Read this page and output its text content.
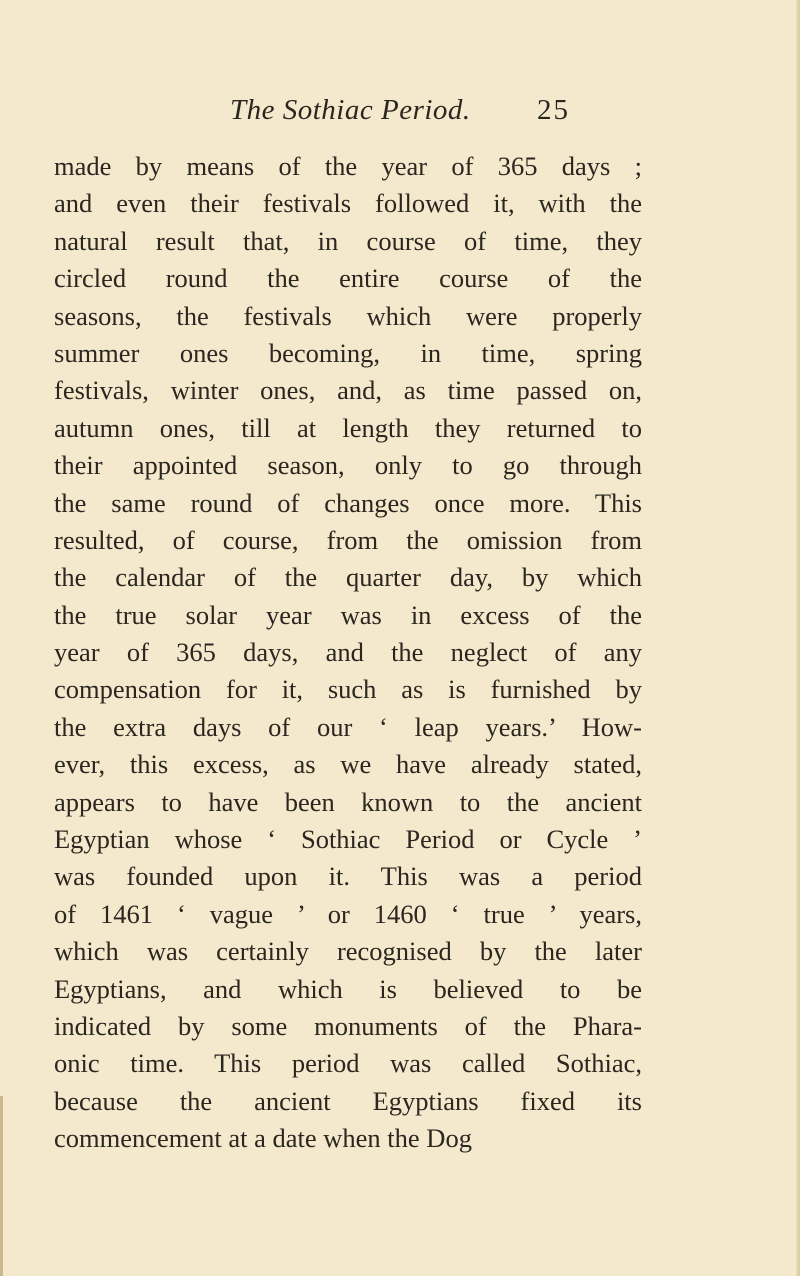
The Sothiac Period. 25
made by means of the year of 365 days ;
and even their festivals followed it, with the
natural result that, in course of time, they
circled round the entire course of the
seasons, the festivals which were properly
summer ones becoming, in time, spring
festivals, winter ones, and, as time passed on,
autumn ones, till at length they returned to
their appointed season, only to go through
the same round of changes once more. This
resulted, of course, from the omission from
the calendar of the quarter day, by which
the true solar year was in excess of the
year of 365 days, and the neglect of any
compensation for it, such as is furnished by
the extra days of our ‘ leap years.’ How-
ever, this excess, as we have already stated,
appears to have been known to the ancient
Egyptian whose ‘ Sothiac Period or Cycle ’
was founded upon it. This was a period
of 1461 ‘ vague ’ or 1460 ‘ true ’ years,
which was certainly recognised by the later
Egyptians, and which is believed to be
indicated by some monuments of the Phara-
onic time. This period was called Sothiac,
because the ancient Egyptians fixed its
commencement at a date when the Dog
